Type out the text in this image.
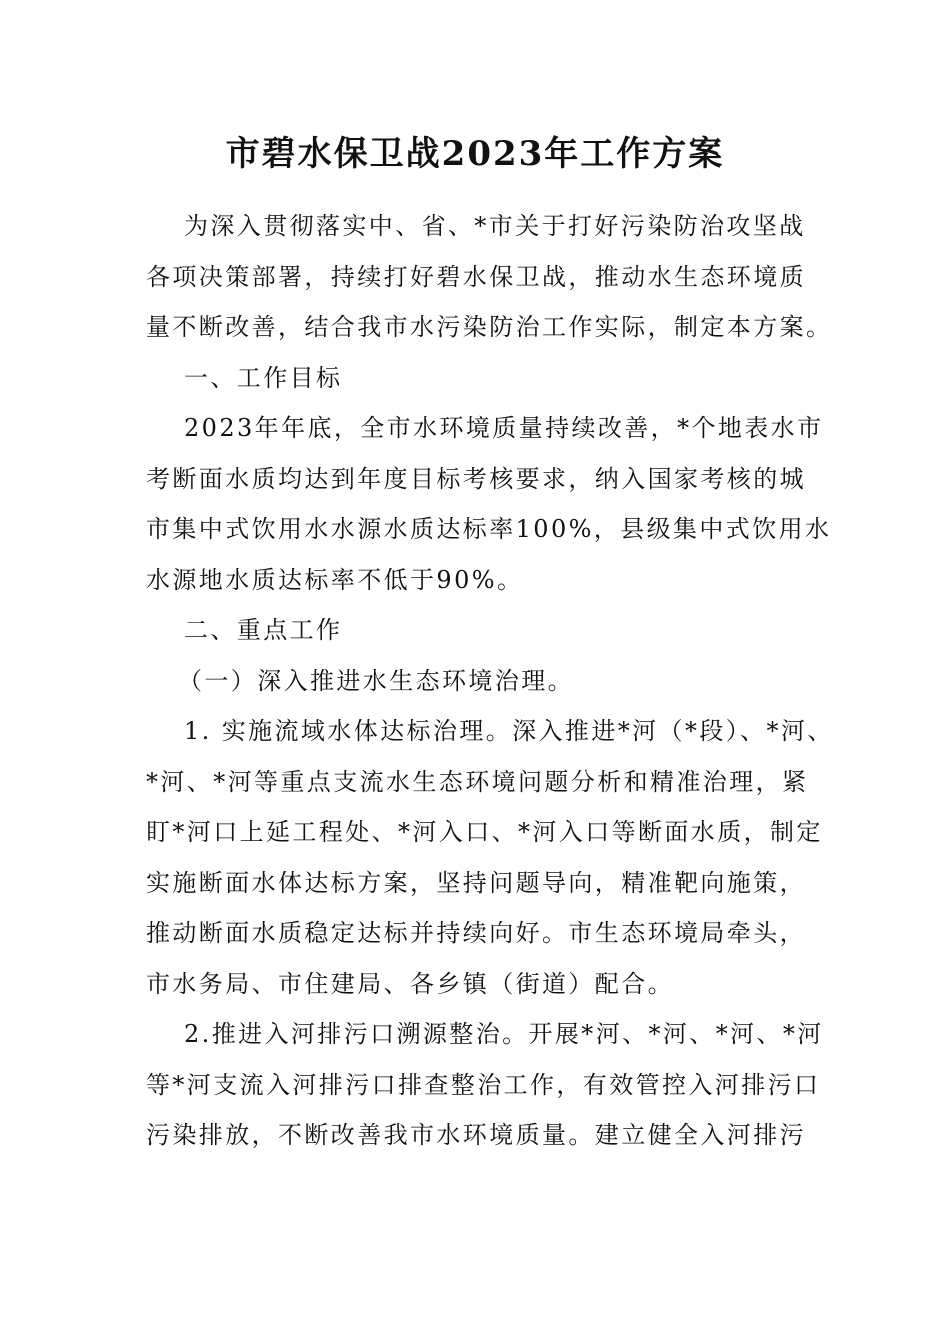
市碧水保卫战2023年工作方案
为深入贯彻落实中、省、*市关于打好污染防治攻坚战
各项决策部署，持续打好碧水保卫战，推动水生态环境质
量不断改善，结合我市水污染防治工作实际，制定本方案。
一、工作目标
2023年年底，全市水环境质量持续改善，*个地表水市
考断面水质均达到年度目标考核要求，纳入国家考核的城
市集中式饮用水水源水质达标率100%，县级集中式饮用水
水源地水质达标率不低于90%。
二、重点工作
（一）深入推进水生态环境治理。
1. 实施流域水体达标治理。深入推进*河（*段）、*河、
*河、*河等重点支流水生态环境问题分析和精准治理，紧
盯*河口上延工程处、*河入口、*河入口等断面水质，制定
实施断面水体达标方案，坚持问题导向，精准靶向施策，
推动断面水质稳定达标并持续向好。市生态环境局牵头，
市水务局、市住建局、各乡镇（街道）配合。
2.推进入河排污口溯源整治。开展*河、*河、*河、*河
等*河支流入河排污口排查整治工作，有效管控入河排污口
污染排放，不断改善我市水环境质量。建立健全入河排污
